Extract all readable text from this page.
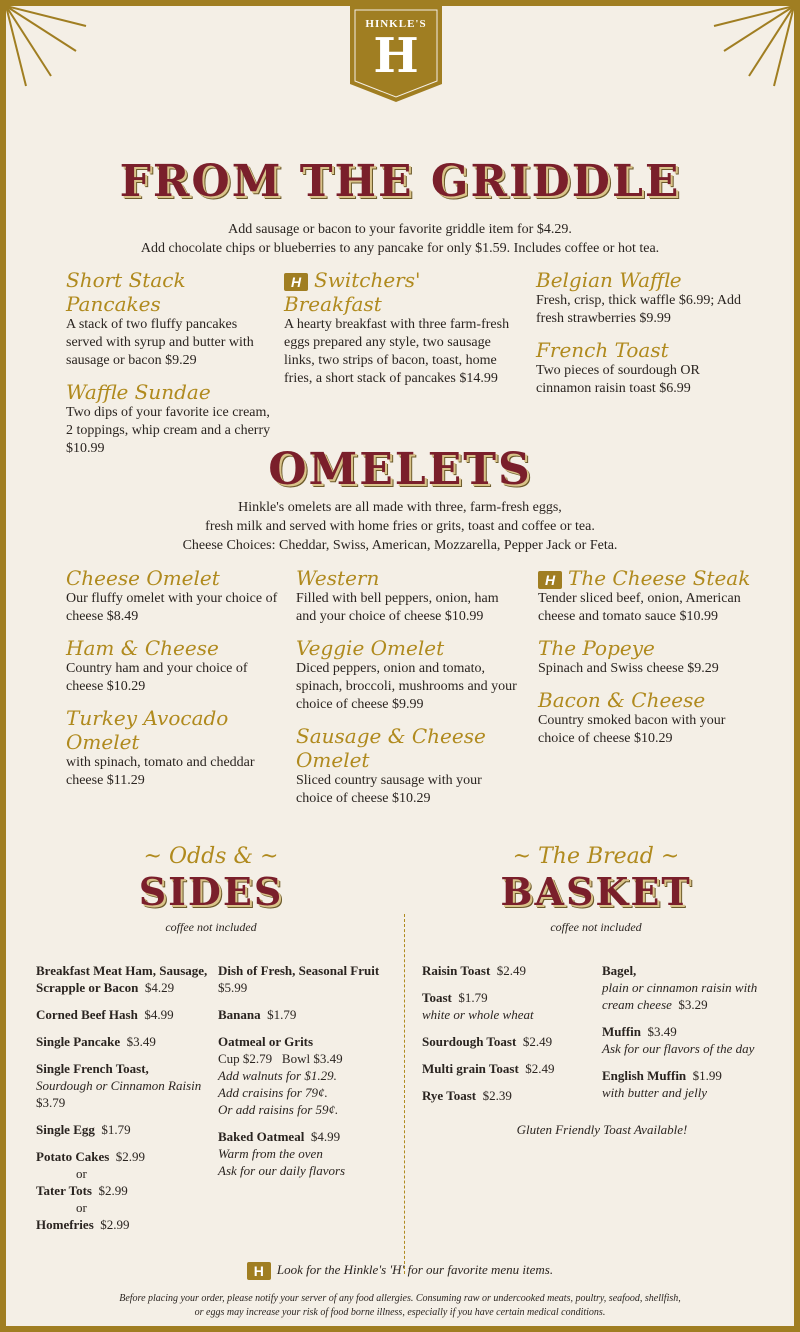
HINKLE'S
H
FROM THE GRIDDLE
Add sausage or bacon to your favorite griddle item for $4.29.
Add chocolate chips or blueberries to any pancake for only $1.59. Includes coffee or hot tea.

Short Stack Pancakes

A stack of two fluffy pancakes served with syrup and butter with sausage or bacon $9.29

Waffle Sundae

Two dips of your favorite ice cream, 2 toppings, whip cream and a cherry $10.99

H Switchers' Breakfast

A hearty breakfast with three farm-fresh eggs prepared any style, two sausage links, two strips of bacon, toast, home fries, a short stack of pancakes $14.99

Belgian Waffle

Fresh, crisp, thick waffle $6.99; Add fresh strawberries $9.99

French Toast

Two pieces of sourdough OR cinnamon raisin toast $6.99

OMELETS
Hinkle's omelets are all made with three, farm-fresh eggs,
fresh milk and served with home fries or grits, toast and coffee or tea.
Cheese Choices: Cheddar, Swiss, American, Mozzarella, Pepper Jack or Feta.

Cheese Omelet

Our fluffy omelet with your choice of cheese $8.49

Ham & Cheese

Country ham and your choice of cheese $10.29

Turkey Avocado Omelet

with spinach, tomato and cheddar cheese $11.29

Western

Filled with bell peppers, onion, ham and your choice of cheese $10.99

Veggie Omelet

Diced peppers, onion and tomato, spinach, broccoli, mushrooms and your choice of cheese $9.99

Sausage & Cheese Omelet

Sliced country sausage with your choice of cheese $10.29

H The Cheese Steak

Tender sliced beef, onion, American cheese and tomato sauce $10.99

The Popeye

Spinach and Swiss cheese $9.29

Bacon & Cheese

Country smoked bacon with your choice of cheese $10.29

~ Odds & ~
SIDES
coffee not included
~ The Bread ~
BASKET
coffee not included
Breakfast Meat Ham, Sausage, Scrapple or Bacon $4.29
Corned Beef Hash $4.99
Single Pancake $3.49
Single French Toast,
Sourdough or Cinnamon Raisin  $3.79
Single Egg $1.79
Potato Cakes $2.99
or
Tater Tots $2.99
or
Homefries $2.99
Dish of Fresh, Seasonal Fruit  $5.99
Banana $1.79
Oatmeal or Grits
Cup $2.79 Bowl $3.49
Add walnuts for $1.29.
Add craisins for 79¢.
Or add raisins for 59¢.
Baked Oatmeal $4.99
Warm from the oven
Ask for our daily flavors
Raisin Toast $2.49
Toast $1.79
white or whole wheat
Sourdough Toast $2.49
Multi grain Toast $2.49
Rye Toast $2.39
Bagel,
plain or cinnamon raisin with cream cheese $3.29
Muffin $3.49
Ask for our flavors of the day
English Muffin $1.99
with butter and jelly
Gluten Friendly Toast Available!
H Look for the Hinkle's 'H' for our favorite menu items.
Before placing your order, please notify your server of any food allergies. Consuming raw or undercooked meats, poultry, seafood, shellfish, or eggs may increase your risk of food borne illness, especially if you have certain medical conditions.
